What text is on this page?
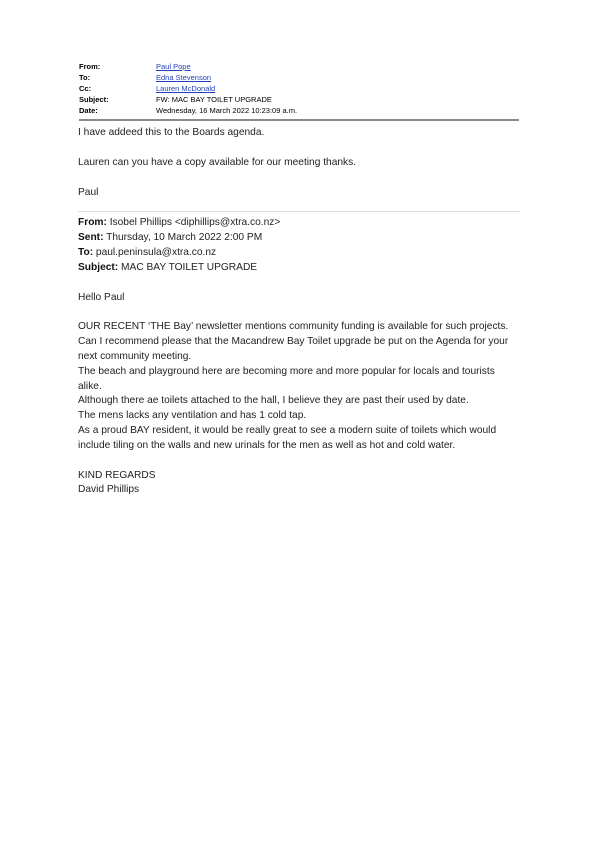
From:	Paul Pope
To:	Edna Stevenson
Cc:	Lauren McDonald
Subject:	FW: MAC BAY TOILET UPGRADE
Date:	Wednesday, 16 March 2022 10:23:09 a.m.

I have addeed this to the Boards agenda.

Lauren can you have a copy available for our meeting thanks.

Paul

From: Isobel Phillips <diphillips@xtra.co.nz>

Sent: Thursday, 10 March 2022 2:00 PM

To: paul.peninsula@xtra.co.nz

Subject: MAC BAY TOILET UPGRADE

Hello Paul

OUR RECENT ‘THE Bay’ newsletter mentions community funding is available for such projects.

Can I recommend please that the Macandrew Bay Toilet upgrade be put on the Agenda for your next community meeting.

The beach and playground here are becoming more and more popular for locals and tourists alike.

Although there ae toilets attached to the hall, I believe they are past their used by date.

The mens lacks any ventilation and has 1 cold tap.

As a proud BAY resident, it would be really great to see a modern suite of toilets which would include tiling on the walls and new urinals for the men as well as hot and cold water.

KIND REGARDS

David Phillips
